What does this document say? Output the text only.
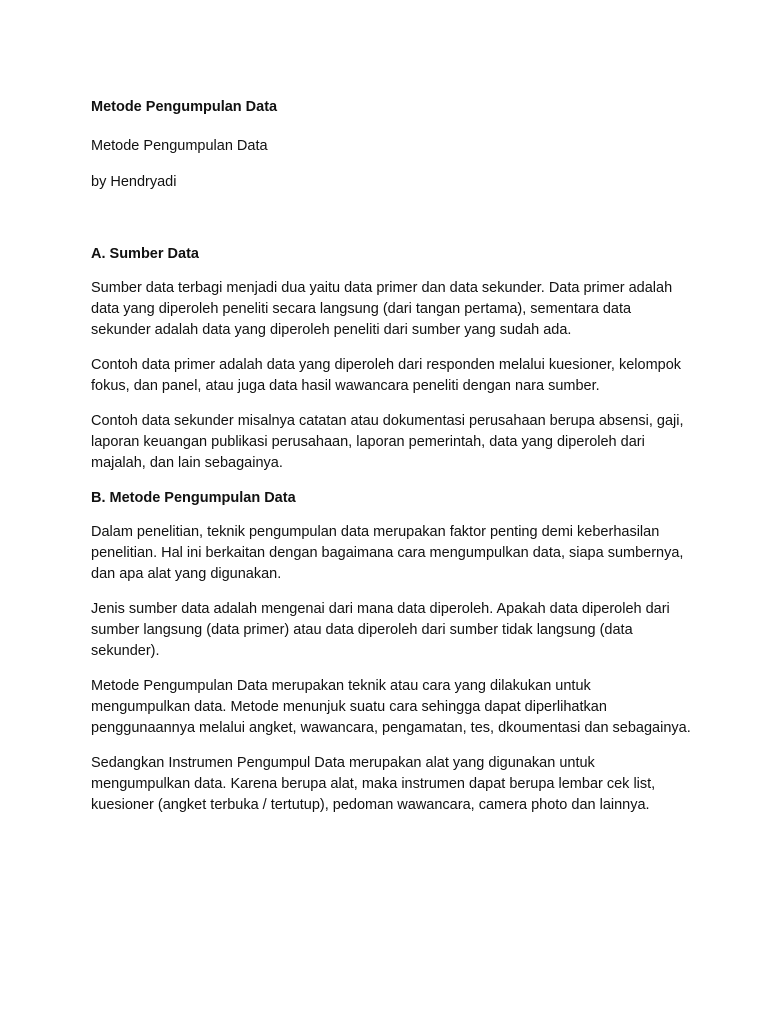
Metode Pengumpulan Data
Metode Pengumpulan Data
by Hendryadi
A. Sumber Data

Sumber data terbagi menjadi dua yaitu data primer dan data sekunder. Data primer adalah data yang diperoleh peneliti secara langsung (dari tangan pertama), sementara data sekunder adalah data yang diperoleh peneliti dari sumber yang sudah ada.

Contoh data primer adalah data yang diperoleh dari responden melalui kuesioner, kelompok fokus, dan panel, atau juga data hasil wawancara peneliti dengan nara sumber.

Contoh data sekunder misalnya catatan atau dokumentasi perusahaan berupa absensi, gaji, laporan keuangan publikasi perusahaan, laporan pemerintah, data yang diperoleh dari majalah, dan lain sebagainya.

B. Metode Pengumpulan Data

Dalam penelitian, teknik pengumpulan data merupakan faktor penting demi keberhasilan penelitian. Hal ini berkaitan dengan bagaimana cara mengumpulkan data, siapa sumbernya, dan apa alat yang digunakan.

Jenis sumber data adalah mengenai dari mana data diperoleh. Apakah data diperoleh dari sumber langsung (data primer) atau data diperoleh dari sumber tidak langsung (data sekunder).

Metode Pengumpulan Data merupakan teknik atau cara yang dilakukan untuk mengumpulkan data. Metode menunjuk suatu cara sehingga dapat diperlihatkan penggunaannya melalui angket, wawancara, pengamatan, tes, dkoumentasi dan sebagainya.

Sedangkan Instrumen Pengumpul Data merupakan alat yang digunakan untuk mengumpulkan data. Karena berupa alat, maka instrumen dapat berupa lembar cek list, kuesioner (angket terbuka / tertutup), pedoman wawancara, camera photo dan lainnya.
